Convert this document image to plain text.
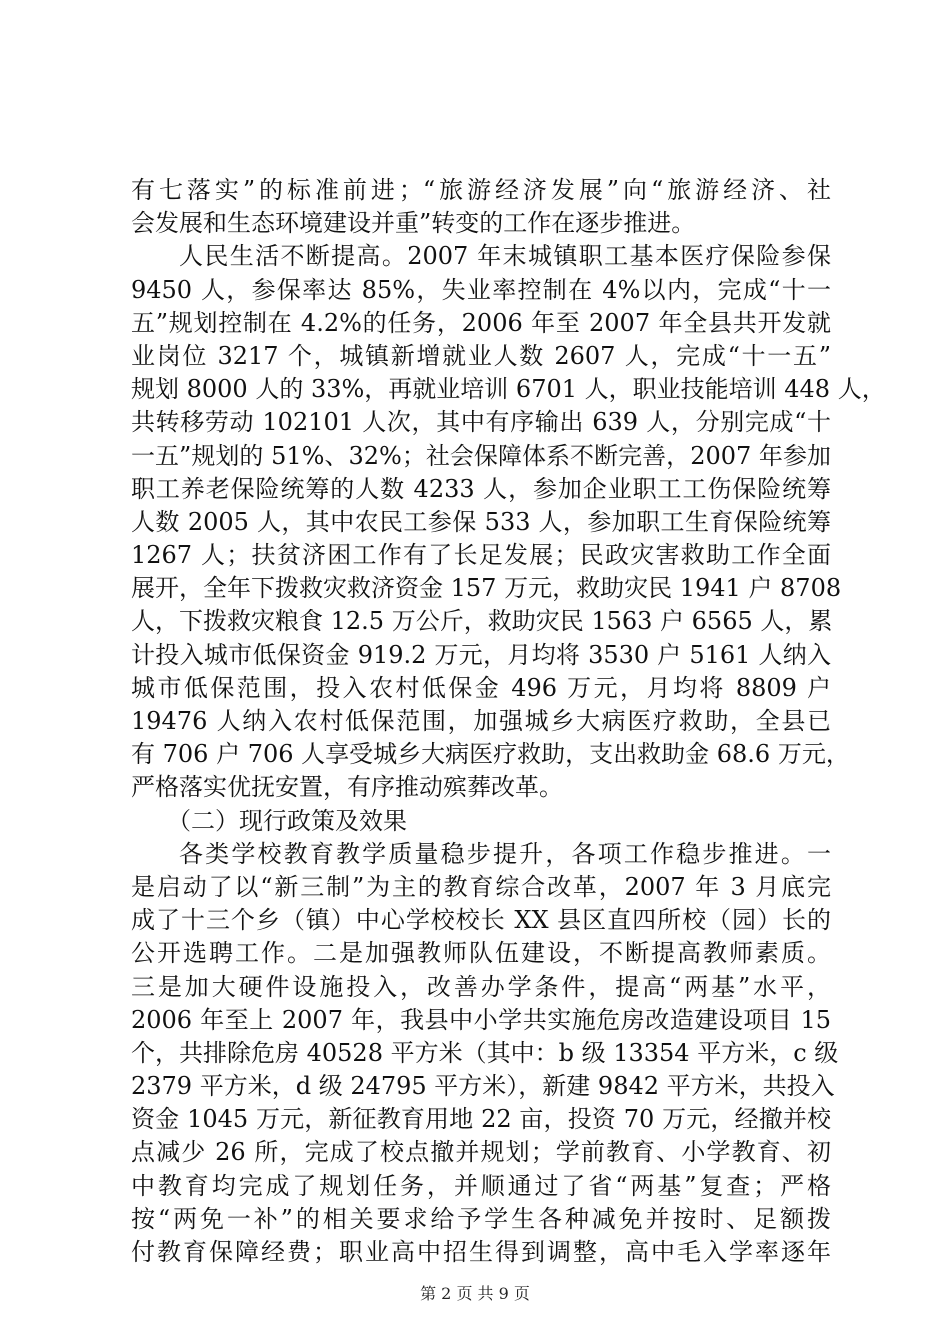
有七落实”的标准前进；“旅游经济发展”向“旅游经济、社
会发展和生态环境建设并重”转变的工作在逐步推进。
人民生活不断提高。2007 年末城镇职工基本医疗保险参保
9450 人，参保率达 85%，失业率控制在 4%以内，完成“十一
五”规划控制在 4.2%的任务，2006 年至 2007 年全县共开发就
业岗位 3217 个，城镇新增就业人数 2607 人，完成“十一五”
规划 8000 人的 33%，再就业培训 6701 人，职业技能培训 448 人，
共转移劳动 102101 人次，其中有序输出 639 人，分别完成“十
一五”规划的 51%、32%；社会保障体系不断完善，2007 年参加
职工养老保险统筹的人数 4233 人，参加企业职工工伤保险统筹
人数 2005 人，其中农民工参保 533 人，参加职工生育保险统筹
1267 人；扶贫济困工作有了长足发展；民政灾害救助工作全面
展开，全年下拨救灾救济资金 157 万元，救助灾民 1941 户 8708
人，下拨救灾粮食 12.5 万公斤，救助灾民 1563 户 6565 人，累
计投入城市低保资金 919.2 万元，月均将 3530 户 5161 人纳入
城市低保范围，投入农村低保金 496 万元，月均将 8809 户
19476 人纳入农村低保范围，加强城乡大病医疗救助，全县已
有 706 户 706 人享受城乡大病医疗救助，支出救助金 68.6 万元，
严格落实优抚安置，有序推动殡葬改革。
（二）现行政策及效果
各类学校教育教学质量稳步提升，各项工作稳步推进。一
是启动了以“新三制”为主的教育综合改革，2007 年 3 月底完
成了十三个乡（镇）中心学校校长 XX 县区直四所校（园）长的
公开选聘工作。二是加强教师队伍建设，不断提高教师素质。
三是加大硬件设施投入，改善办学条件，提高“两基”水平，
2006 年至上 2007 年，我县中小学共实施危房改造建设项目 15
个，共排除危房 40528 平方米（其中：b 级 13354 平方米，c 级
2379 平方米，d 级 24795 平方米），新建 9842 平方米，共投入
资金 1045 万元，新征教育用地 22 亩，投资 70 万元，经撤并校
点减少 26 所，完成了校点撤并规划；学前教育、小学教育、初
中教育均完成了规划任务，并顺通过了省“两基”复查；严格
按“两免一补”的相关要求给予学生各种减免并按时、足额拨
付教育保障经费；职业高中招生得到调整，高中毛入学率逐年
第 2 页 共 9 页
